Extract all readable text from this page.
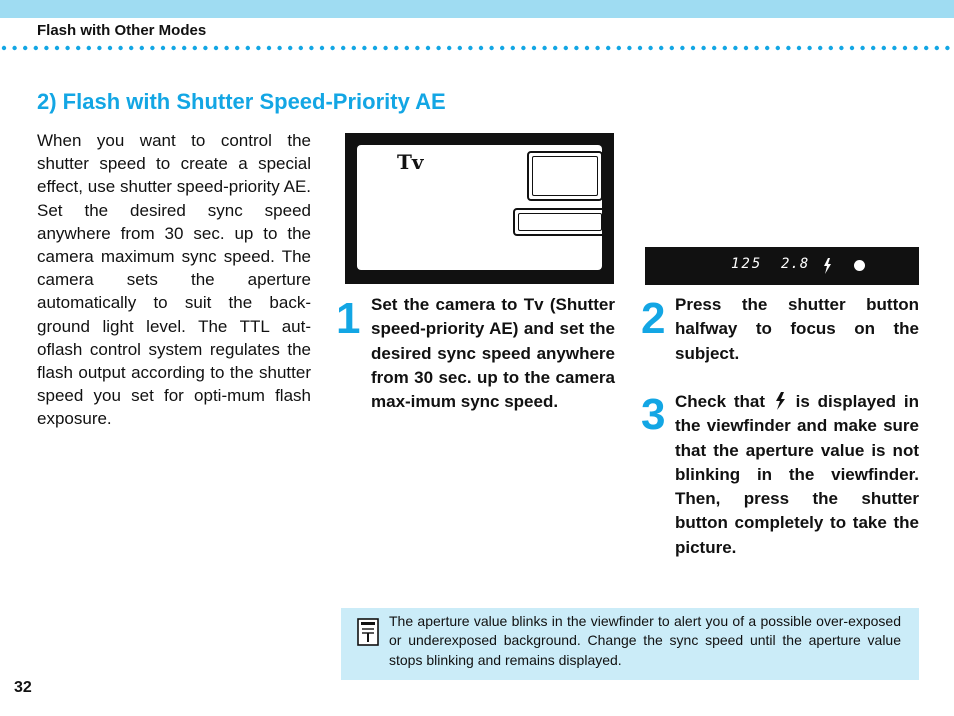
Flash with Other Modes
2) Flash with Shutter Speed-Priority AE
When you want to control the shutter speed to create a special effect, use shutter speed-priority AE. Set the desired sync speed anywhere from 30 sec. up to the camera maximum sync speed. The camera sets the aperture automatically to suit the back-ground light level. The TTL aut-oflash control system regulates the flash output according to the shutter speed you set for opti-mum flash exposure.
Tv
125 2.8
1 Set the camera to Tv (Shutter speed-priority AE) and set the desired sync speed anywhere from 30 sec. up to the camera max-imum sync speed.
2 Press the shutter button halfway to focus on the subject.
3 Check that is displayed in the viewfinder and make sure that the aperture value is not blinking in the viewfinder. Then, press the shutter button completely to take the picture.
The aperture value blinks in the viewfinder to alert you of a possible over-exposed or underexposed background. Change the sync speed until the aperture value stops blinking and remains displayed.
32
